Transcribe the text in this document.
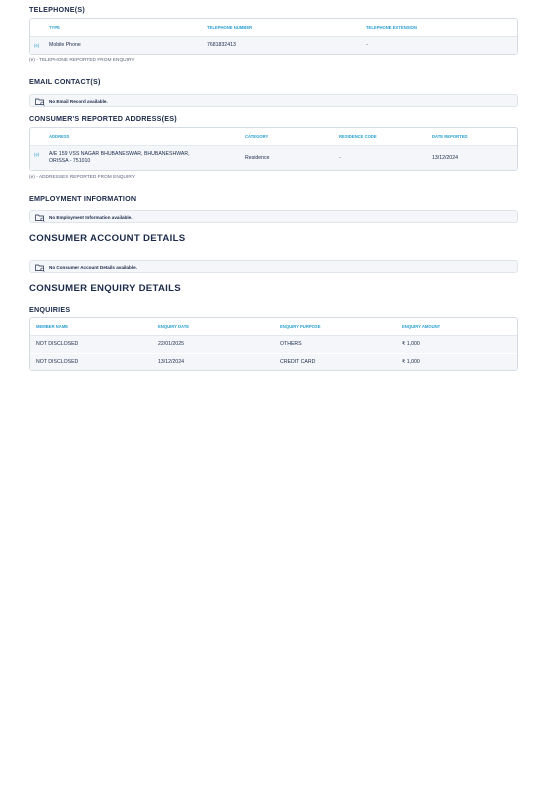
TELEPHONE(S)
TYPE	TELEPHONE NUMBER	TELEPHONE EXTENSION
(e) Mobile Phone	7681832413	-
(e) - TELEPHONE REPORTED FROM ENQUIRY
EMAIL CONTACT(S)
No Email Record available.
CONSUMER'S REPORTED ADDRESS(ES)
ADDRESS	CATEGORY	RESIDENCE CODE	DATE REPORTED
(e) A/E 159 VSS NAGAR BHUBANESWAR, BHUBANESHWAR,
ORISSA - 751010	Residence	-	13/12/2024
(e) - ADDRESSES REPORTED FROM ENQUIRY
EMPLOYMENT INFORMATION
No Employment Information available.
CONSUMER ACCOUNT DETAILS
No Consumer Account Details available.
CONSUMER ENQUIRY DETAILS
ENQUIRIES
MEMBER NAME	ENQUIRY DATE	ENQUIRY PURPOSE	ENQUIRY AMOUNT
NOT DISCLOSED	22/01/2025	OTHERS	₹ 1,000
NOT DISCLOSED	13/12/2024	CREDIT CARD	₹ 1,000
